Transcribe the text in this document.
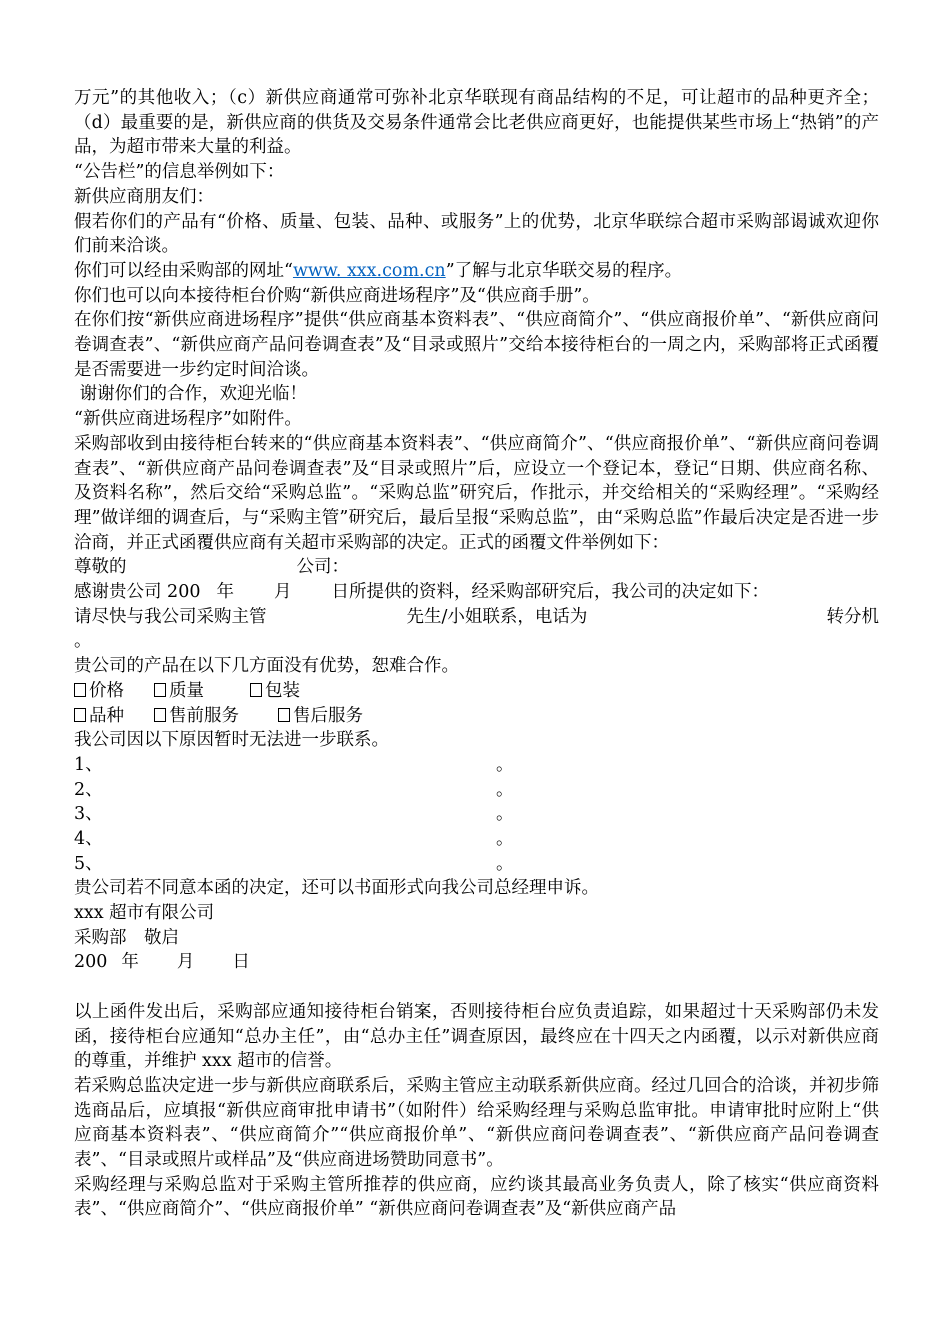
万元”的其他收入；（c）新供应商通常可弥补北京华联现有商品结构的不足，可让超市的品种更齐全；（d）最重要的是，新供应商的供货及交易条件通常会比老供应商更好，也能提供某些市场上“热销”的产品，为超市带来大量的利益。

“公告栏”的信息举例如下：

新供应商朋友们：

假若你们的产品有“价格、质量、包装、品种、或服务”上的优势，北京华联综合超市采购部谒诚欢迎你们前来洽谈。

你们可以经由采购部的网址“www. xxx.com.cn”了解与北京华联交易的程序。

你们也可以向本接待柜台价购“新供应商进场程序”及“供应商手册”。

在你们按“新供应商进场程序”提供“供应商基本资料表”、“供应商简介”、“供应商报价单”、“新供应商问卷调查表”、“新供应商产品问卷调查表”及“目录或照片”交给本接待柜台的一周之内，采购部将正式函覆是否需要进一步约定时间洽谈。

谢谢你们的合作，欢迎光临！

“新供应商进场程序”如附件。

采购部收到由接待柜台转来的“供应商基本资料表”、“供应商简介”、“供应商报价单”、“新供应商问卷调查表”、“新供应商产品问卷调查表”及“目录或照片”后，应设立一个登记本，登记“日期、供应商名称、及资料名称”，然后交给“采购总监”。“采购总监”研究后，作批示，并交给相关的“采购经理”。“采购经理”做详细的调查后，与“采购主管”研究后，最后呈报“采购总监”，由“采购总监”作最后决定是否进一步洽商，并正式函覆供应商有关超市采购部的决定。正式的函覆文件举例如下：

尊敬的	公司：
感谢贵公司 200 年 月 日所提供的资料，经采购部研究后，我公司的决定如下：
请尽快与我公司采购主管	先生/小姐联系，电话为	转分机
。

贵公司的产品在以下几方面没有优势，恕难合作。

价格	质量	包装
品种	售前服务	售后服务

我公司因以下原因暂时无法进一步联系。

1、	。
2、	。
3、	。
4、	。
5、	。

贵公司若不同意本函的决定，还可以书面形式向我公司总经理申诉。

xxx 超市有限公司

采购部　敬启

200 年 月 日

以上函件发出后，采购部应通知接待柜台销案，否则接待柜台应负责追踪，如果超过十天采购部仍未发函，接待柜台应通知“总办主任”，由“总办主任”调查原因，最终应在十四天之内函覆，以示对新供应商的尊重，并维护 xxx 超市的信誉。

若采购总监决定进一步与新供应商联系后，采购主管应主动联系新供应商。经过几回合的洽谈，并初步筛选商品后，应填报“新供应商审批申请书”（如附件）给采购经理与采购总监审批。申请审批时应附上“供应商基本资料表”、“供应商简介”“供应商报价单”、“新供应商问卷调查表”、“新供应商产品问卷调查表”、“目录或照片或样品”及“供应商进场赞助同意书”。

采购经理与采购总监对于采购主管所推荐的供应商，应约谈其最高业务负责人，除了核实“供应商资料表”、“供应商简介”、“供应商报价单” “新供应商问卷调查表”及“新供应商产品
